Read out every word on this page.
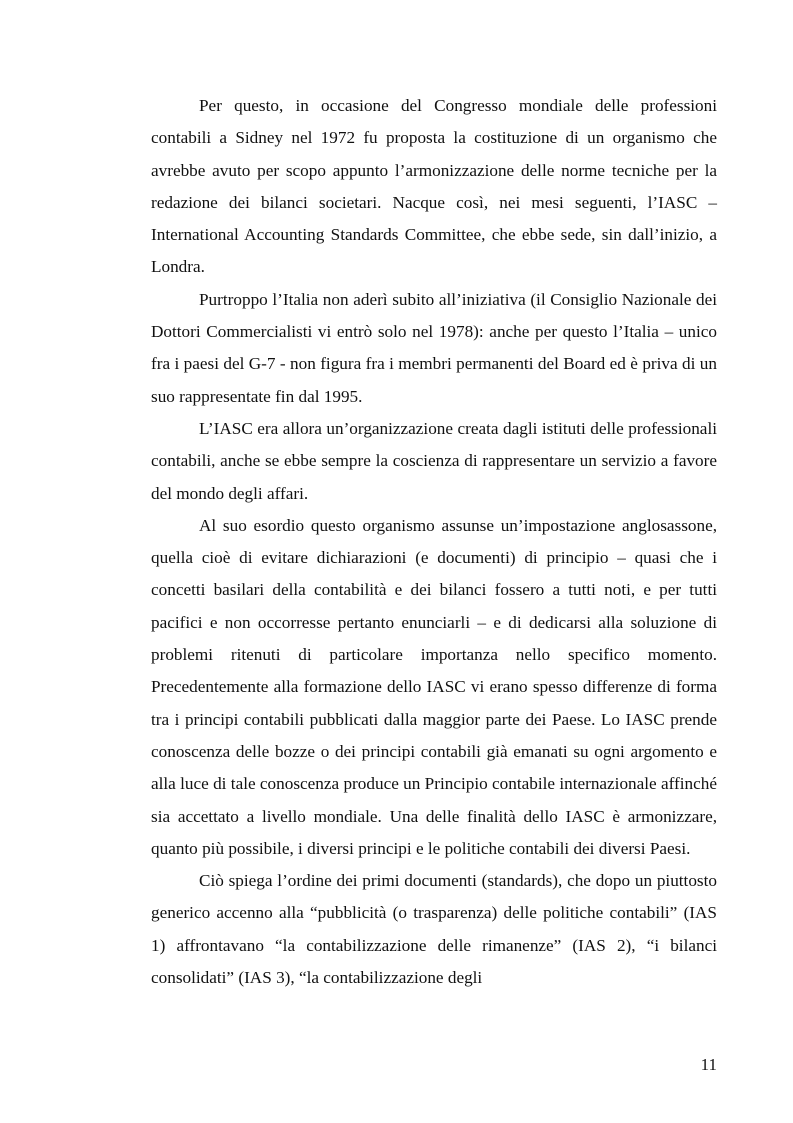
Per questo, in occasione del Congresso mondiale delle professioni contabili a Sidney nel 1972 fu proposta la costituzione di un organismo che avrebbe avuto per scopo appunto l’armonizzazione delle norme tecniche per la redazione dei bilanci societari. Nacque così, nei mesi seguenti, l’IASC – International Accounting Standards Committee, che ebbe sede, sin dall’inizio, a Londra.

Purtroppo l’Italia non aderì subito all’iniziativa (il Consiglio Nazionale dei Dottori Commercialisti vi entrò solo nel 1978): anche per questo l’Italia – unico fra i paesi del G-7 - non figura fra i membri permanenti del Board ed è priva di un suo rappresentate fin dal 1995.

L’IASC era allora un’organizzazione creata dagli istituti delle professionali contabili, anche se ebbe sempre la coscienza di rappresentare un servizio a favore del mondo degli affari.

Al suo esordio questo organismo assunse un’impostazione anglosassone, quella cioè di evitare dichiarazioni (e documenti) di principio – quasi che i concetti basilari della contabilità e dei bilanci fossero a tutti noti, e per tutti pacifici e non occorresse pertanto enunciarli – e di dedicarsi alla soluzione di problemi ritenuti di particolare importanza nello specifico momento. Precedentemente alla formazione dello IASC vi erano spesso differenze di forma tra i principi contabili pubblicati dalla maggior parte dei Paese. Lo IASC prende conoscenza delle bozze o dei principi contabili già emanati su ogni argomento e alla luce di tale conoscenza produce un Principio contabile internazionale affinché sia accettato a livello mondiale. Una delle finalità dello IASC è armonizzare, quanto più possibile, i diversi principi e le politiche contabili dei diversi Paesi.

Ciò spiega l’ordine dei primi documenti (standards), che dopo un piuttosto generico accenno alla “pubblicità (o trasparenza) delle politiche contabili” (IAS 1) affrontavano “la contabilizzazione delle rimanenze” (IAS 2), “i bilanci consolidati” (IAS 3), “la contabilizzazione degli

11
